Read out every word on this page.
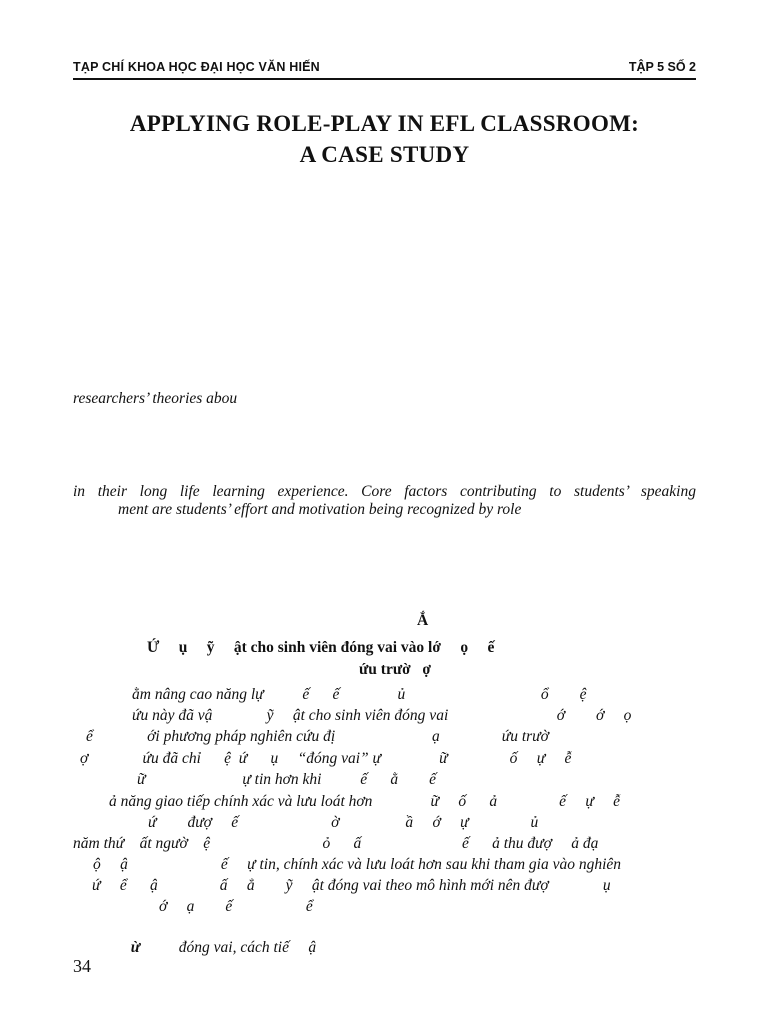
TẠP CHÍ KHOA HỌC ĐẠI HỌC VĂN HIẾN	TẬP 5 SỐ 2
APPLYING ROLE-PLAY IN EFL CLASSROOM:
A CASE STUDY
researchers’ theories abou
in their long life learning experience. Core factors contributing to students’ speaking
ment are students’ effort and motivation being recognized by role
Ắ
Ứ     ụ     ỹ     ật cho sinh viên đóng vai vào lớ     ọ     ế
ứu trườ   ợ
ằm nâng cao năng lự          ế      ế               ủ                                   ổ        ệ
ứu này đã vậ              ỹ     ật cho sinh viên đóng vai                            ớ        ớ     ọ
ể              ới phương pháp nghiên cứu đị                         ạ                ứu trườ
ợ              ứu đã chỉ      ệ  ứ      ụ     “đóng vai” ự               ữ                ố     ự     ễ
ữ                         ự tin hơn khi          ế      ằ        ế
ả năng giao tiếp chính xác và lưu loát hơn               ữ     ố      ả                ế     ự     ễ
ứ        đượ     ế                        ờ                 ầ     ớ     ự                ủ
năm thứ    ất ngườ    ệ                             ỏ      ấ                          ế      ả thu đượ     ả đạ
ộ     ậ                        ế     ự tin, chính xác và lưu loát hơn sau khi tham gia vào nghiên
ứ     ể      ậ                ấ     ẳ        ỹ     ật đóng vai theo mô hình mới nên đượ              ụ
ớ     ạ        ế                   ể

ừ	đóng vai, cách tiế     ậ

34
